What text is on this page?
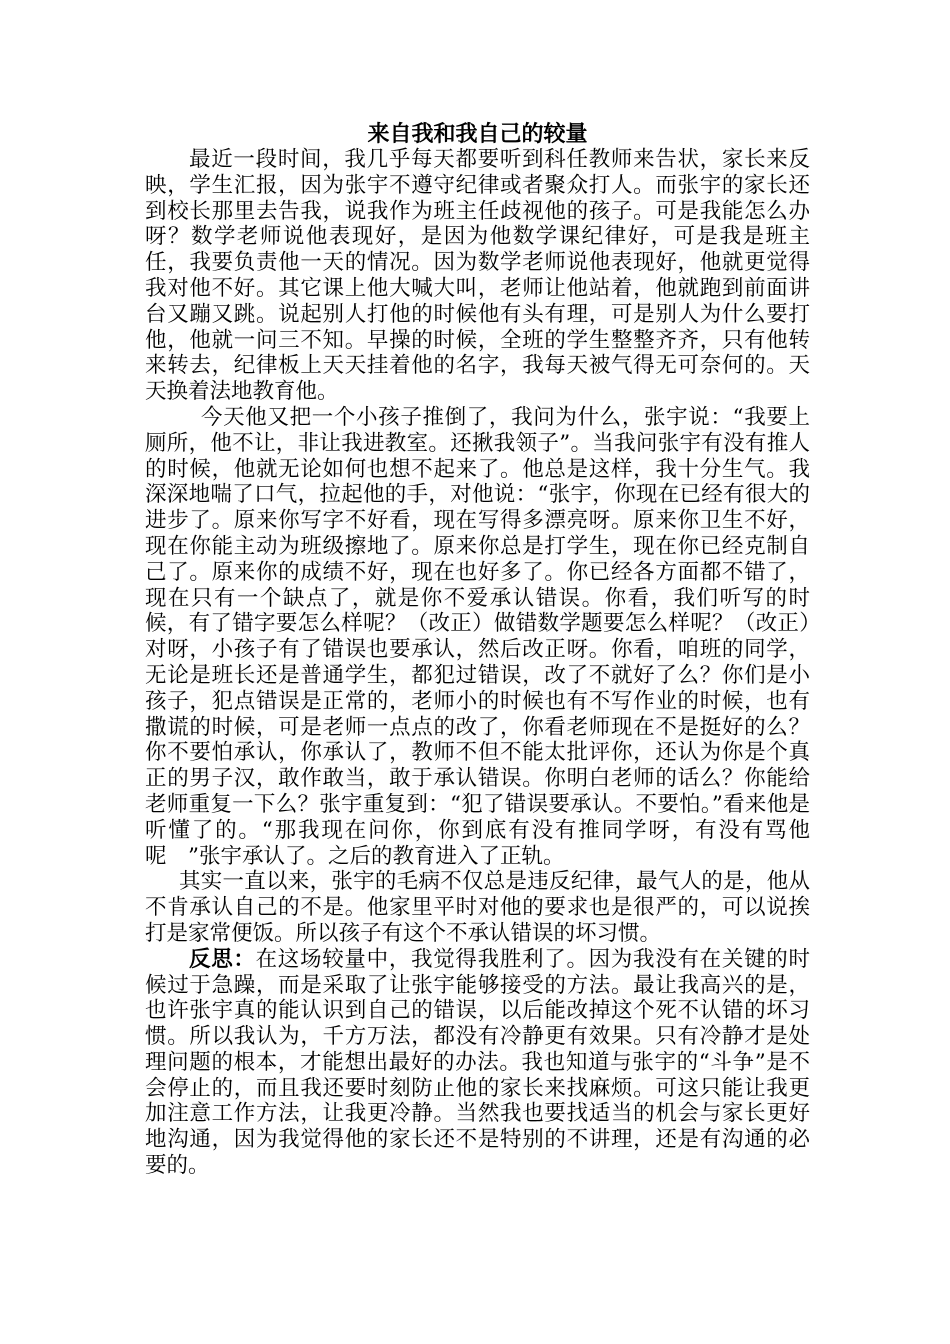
来自我和我自己的较量

最近一段时间，我几乎每天都要听到科任教师来告状，家长来反映，学生汇报，因为张宇不遵守纪律或者聚众打人。而张宇的家长还到校长那里去告我，说我作为班主任歧视他的孩子。可是我能怎么办呀？数学老师说他表现好，是因为他数学课纪律好，可是我是班主任，我要负责他一天的情况。因为数学老师说他表现好，他就更觉得我对他不好。其它课上他大喊大叫，老师让他站着，他就跑到前面讲台又蹦又跳。说起别人打他的时候他有头有理，可是别人为什么要打他，他就一问三不知。早操的时候，全班的学生整整齐齐，只有他转来转去，纪律板上天天挂着他的名字，我每天被气得无可奈何的。天天换着法地教育他。

今天他又把一个小孩子推倒了，我问为什么，张宇说：“我要上厕所，他不让，非让我进教室。还揪我领子”。当我问张宇有没有推人的时候，他就无论如何也想不起来了。他总是这样，我十分生气。我深深地喘了口气，拉起他的手，对他说：“张宇，你现在已经有很大的进步了。原来你写字不好看，现在写得多漂亮呀。原来你卫生不好，现在你能主动为班级擦地了。原来你总是打学生，现在你已经克制自己了。原来你的成绩不好，现在也好多了。你已经各方面都不错了，现在只有一个缺点了，就是你不爱承认错误。你看，我们听写的时候，有了错字要怎么样呢？（改正）做错数学题要怎么样呢？（改正）对呀，小孩子有了错误也要承认，然后改正呀。你看，咱班的同学，无论是班长还是普通学生，都犯过错误，改了不就好了么？你们是小孩子，犯点错误是正常的，老师小的时候也有不写作业的时候，也有撒谎的时候，可是老师一点点的改了，你看老师现在不是挺好的么？你不要怕承认，你承认了，教师不但不能太批评你，还认为你是个真正的男子汉，敢作敢当，敢于承认错误。你明白老师的话么？你能给老师重复一下么？张宇重复到：“犯了错误要承认。不要怕。”看来他是听懂了的。“那我现在问你，你到底有没有推同学呀，有没有骂他呢　”张宇承认了。之后的教育进入了正轨。

其实一直以来，张宇的毛病不仅总是违反纪律，最气人的是，他从不肯承认自己的不是。他家里平时对他的要求也是很严的，可以说挨打是家常便饭。所以孩子有这个不承认错误的坏习惯。

反思：在这场较量中，我觉得我胜利了。因为我没有在关键的时候过于急躁，而是采取了让张宇能够接受的方法。最让我高兴的是，也许张宇真的能认识到自己的错误，以后能改掉这个死不认错的坏习惯。所以我认为，千方万法，都没有冷静更有效果。只有冷静才是处理问题的根本，才能想出最好的办法。我也知道与张宇的“斗争”是不会停止的，而且我还要时刻防止他的家长来找麻烦。可这只能让我更加注意工作方法，让我更冷静。当然我也要找适当的机会与家长更好地沟通，因为我觉得他的家长还不是特别的不讲理，还是有沟通的必要的。
